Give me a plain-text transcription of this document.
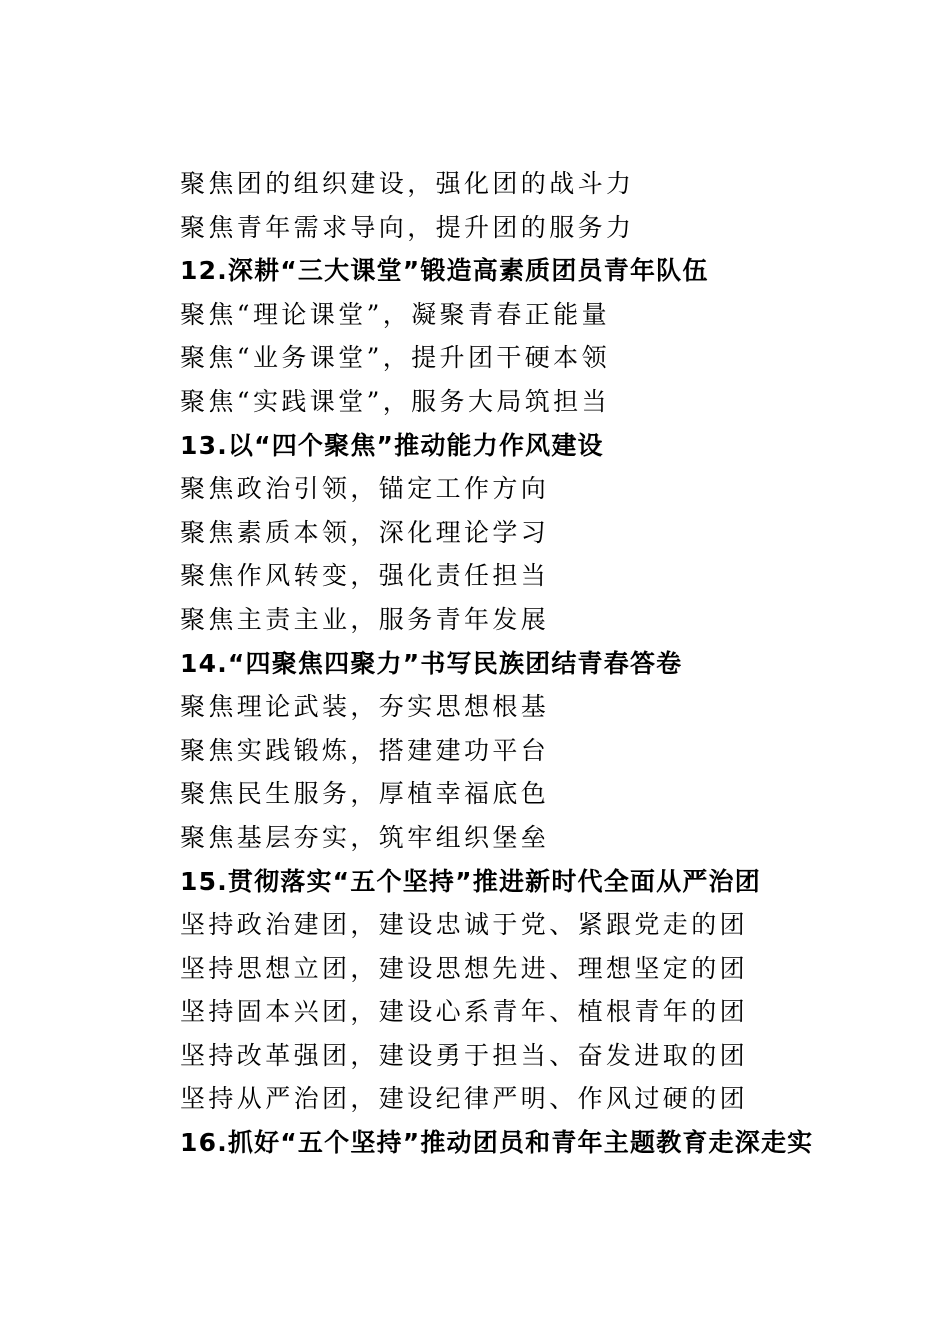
聚焦团的组织建设，强化团的战斗力
聚焦青年需求导向，提升团的服务力
12.深耕“三大课堂”锻造高素质团员青年队伍
聚焦“理论课堂”，凝聚青春正能量
聚焦“业务课堂”，提升团干硬本领
聚焦“实践课堂”，服务大局筑担当
13.以“四个聚焦”推动能力作风建设
聚焦政治引领，锚定工作方向
聚焦素质本领，深化理论学习
聚焦作风转变，强化责任担当
聚焦主责主业，服务青年发展
14.“四聚焦四聚力”书写民族团结青春答卷
聚焦理论武装，夯实思想根基
聚焦实践锻炼，搭建建功平台
聚焦民生服务，厚植幸福底色
聚焦基层夯实，筑牢组织堡垒
15.贯彻落实“五个坚持”推进新时代全面从严治团
坚持政治建团，建设忠诚于党、紧跟党走的团
坚持思想立团，建设思想先进、理想坚定的团
坚持固本兴团，建设心系青年、植根青年的团
坚持改革强团，建设勇于担当、奋发进取的团
坚持从严治团，建设纪律严明、作风过硬的团
16.抓好“五个坚持”推动团员和青年主题教育走深走实
